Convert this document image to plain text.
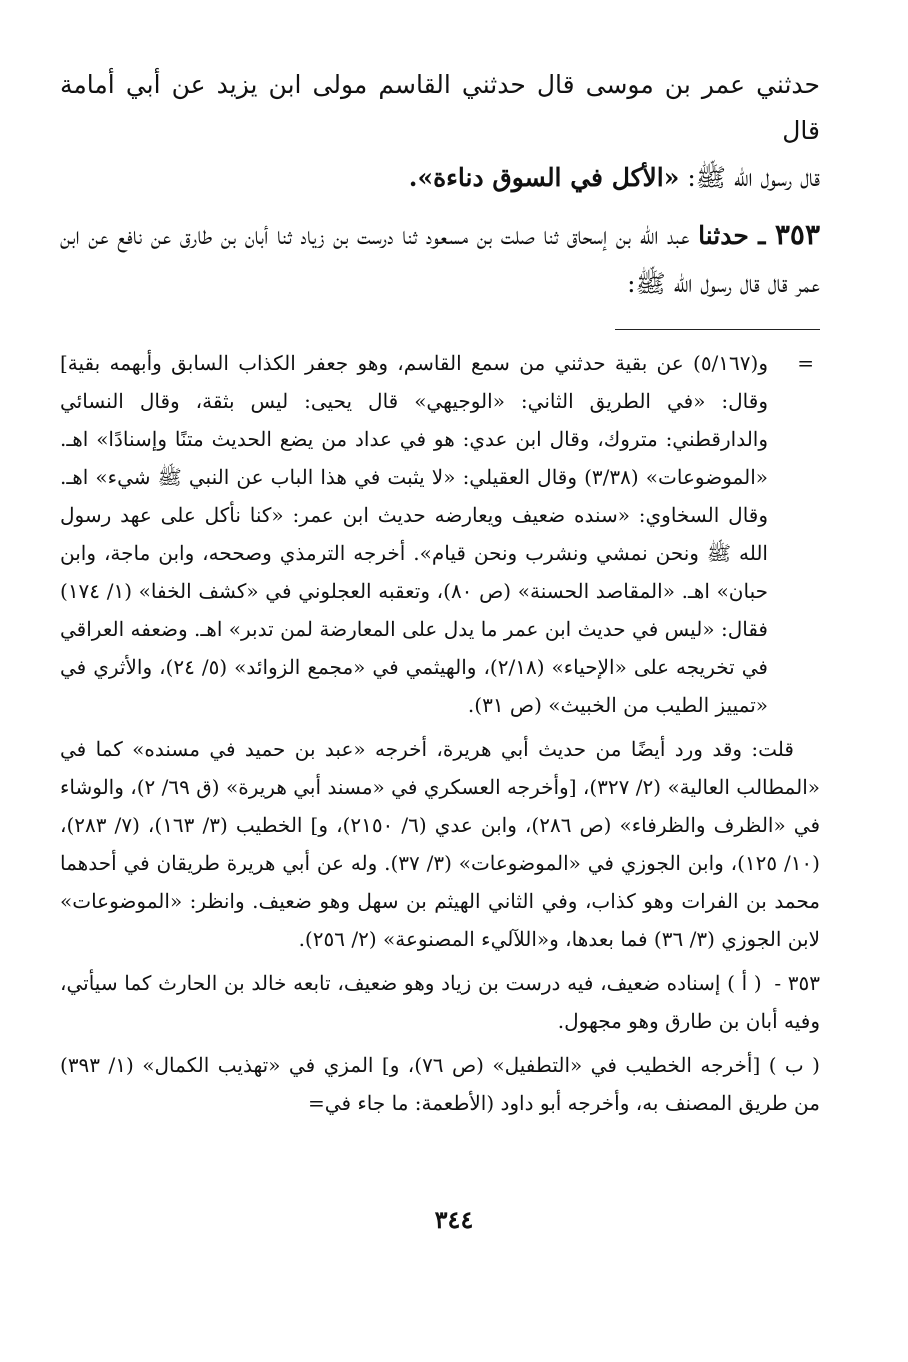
حدثني عمر بن موسى قال حدثني القاسم مولى ابن يزيد عن أبي أمامة قال
قال رسول الله ﷺ: «الأكل في السوق دناءة».

٣٥٣ ـ حدثنا عبد الله بن إسحاق ثنا صلت بن مسعود ثنا درست بن زياد ثنا أبان بن طارق عن نافع عن ابن عمر قال قال رسول الله ﷺ:

=
و(٥/١٦٧) عن بقية حدثني من سمع القاسم، وهو جعفر الكذاب السابق وأبهمه بقية] وقال: «في الطريق الثاني: «الوجيهي» قال يحيى: ليس بثقة، وقال النسائي والدارقطني: متروك، وقال ابن عدي: هو في عداد من يضع الحديث متنًا وإسنادًا» اهـ. «الموضوعات» (٣/٣٨) وقال العقيلي: «لا يثبت في هذا الباب عن النبي ﷺ شيء» اهـ. وقال السخاوي: «سنده ضعيف ويعارضه حديث ابن عمر: «كنا نأكل على عهد رسول الله ﷺ ونحن نمشي ونشرب ونحن قيام». أخرجه الترمذي وصححه، وابن ماجة، وابن حبان» اهـ. «المقاصد الحسنة» (ص ٨٠)، وتعقبه العجلوني في «كشف الخفا» (١/ ١٧٤) فقال: «ليس في حديث ابن عمر ما يدل على المعارضة لمن تدبر» اهـ. وضعفه العراقي في تخريجه على «الإحياء» (٢/١٨)، والهيثمي في «مجمع الزوائد» (٥/ ٢٤)، والأثري في «تمييز الطيب من الخبيث» (ص ٣١).

قلت: وقد ورد أيضًا من حديث أبي هريرة، أخرجه «عبد بن حميد في مسنده» كما في «المطالب العالية» (٢/ ٣٢٧)، [وأخرجه العسكري في «مسند أبي هريرة» (ق ٦٩/ ٢)، والوشاء في «الظرف والظرفاء» (ص ٢٨٦)، وابن عدي (٦/ ٢١٥٠)، و] الخطيب (٣/ ١٦٣)، (٧/ ٢٨٣)، (١٠/ ١٢٥)، وابن الجوزي في «الموضوعات» (٣/ ٣٧). وله عن أبي هريرة طريقان في أحدهما محمد بن الفرات وهو كذاب، وفي الثاني الهيثم بن سهل وهو ضعيف. وانظر: «الموضوعات» لابن الجوزي (٣/ ٣٦) فما بعدها، و«اللآليء المصنوعة» (٢/ ٢٥٦).

٣٥٣ - ( أ ) إسناده ضعيف، فيه درست بن زياد وهو ضعيف، تابعه خالد بن الحارث كما سيأتي، وفيه أبان بن طارق وهو مجهول.

( ب ) [أخرجه الخطيب في «التطفيل» (ص ٧٦)، و] المزي في «تهذيب الكمال» (١/ ٣٩٣) من طريق المصنف به، وأخرجه أبو داود (الأطعمة: ما جاء في=

٣٤٤
